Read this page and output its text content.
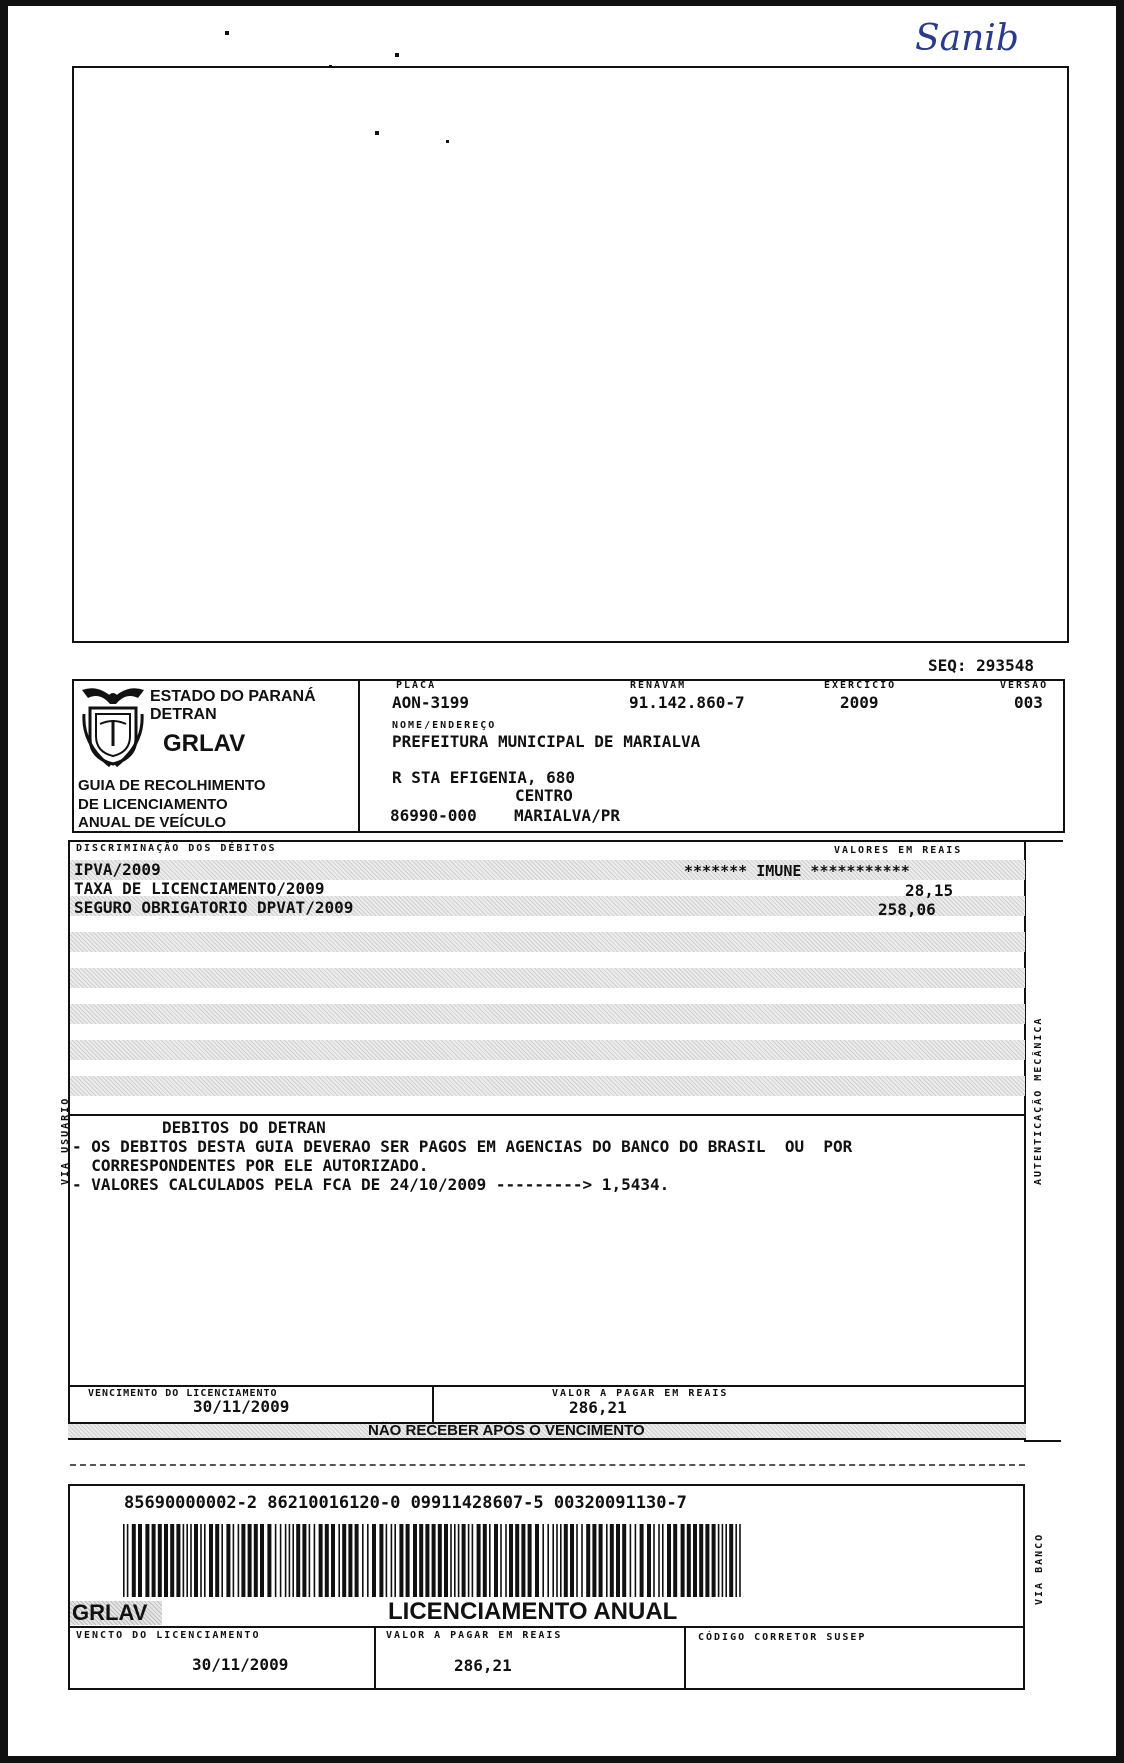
Sanib
SEQ: 293548
ESTADO DO PARANÁ
DETRAN
GRLAV
GUIA DE RECOLHIMENTO
DE LICENCIAMENTO
ANUAL DE VEÍCULO
PLACA
AON-3199
RENAVAM
91.142.860-7
EXERCÍCIO
2009
VERSÃO
003
NOME/ENDEREÇO
PREFEITURA MUNICIPAL DE MARIALVA
R STA EFIGENIA, 680
CENTRO
86990-000 MARIALVA/PR
DISCRIMINAÇÃO DOS DÉBITOS	VALORES EM REAIS
IPVA/2009	******* IMUNE ***********
TAXA DE LICENCIAMENTO/2009	28,15
SEGURO OBRIGATORIO DPVAT/2009	258,06
VIA USUARIO	AUTENTICAÇÃO MECÂNICA
DEBITOS DO DETRAN
- OS DEBITOS DESTA GUIA DEVERAO SER PAGOS EM AGENCIAS DO BANCO DO BRASIL  OU  POR
CORRESPONDENTES POR ELE AUTORIZADO.
- VALORES CALCULADOS PELA FCA DE 24/10/2009 ---------> 1,5434.
VENCIMENTO DO LICENCIAMENTO
30/11/2009
VALOR A PAGAR EM REAIS
286,21
NÃO RECEBER APÓS O VENCIMENTO
VIA BANCO
85690000002-2 86210016120-0 09911428607-5 00320091130-7
GRLAV	LICENCIAMENTO ANUAL
VENCTO DO LICENCIAMENTO
30/11/2009
VALOR A PAGAR EM REAIS
286,21
CÓDIGO CORRETOR SUSEP
